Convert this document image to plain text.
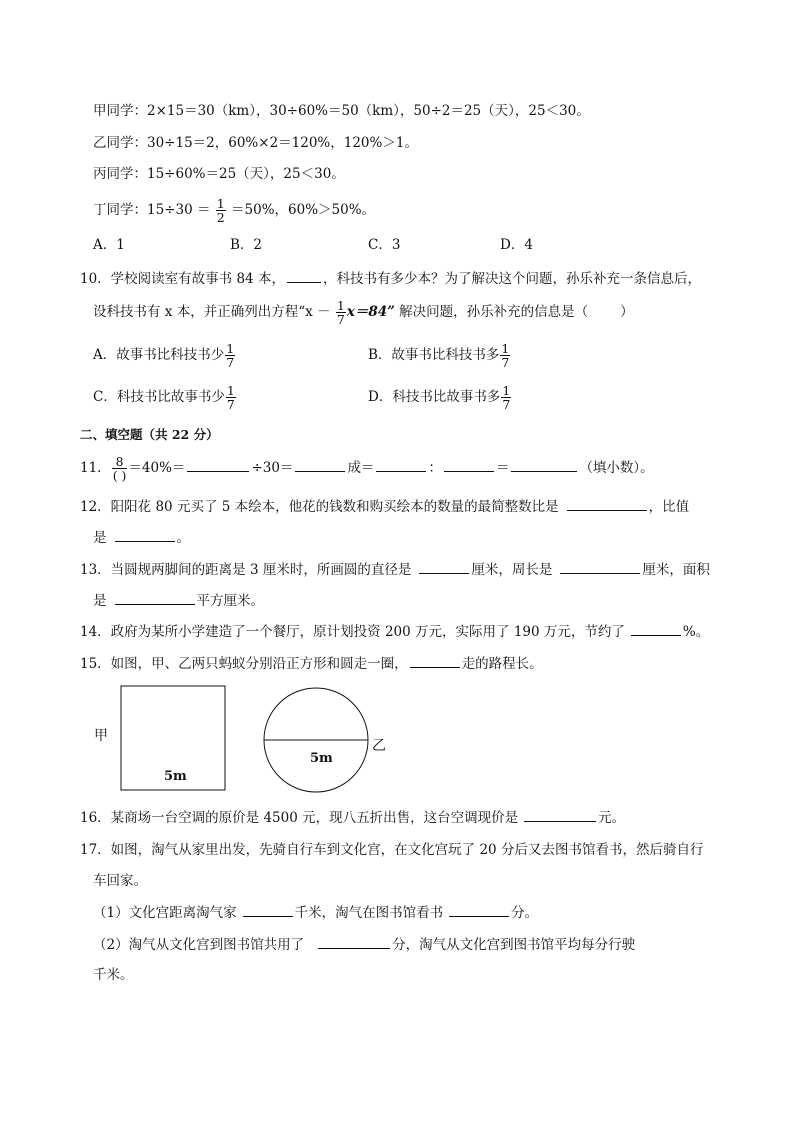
甲同学：2×15＝30（km），30÷60%＝50（km），50÷2＝25（天），25＜30。
乙同学：30÷15＝2，60%×2＝120%，120%＞1。
丙同学：15÷60%＝25（天），25＜30。
丁同学：$15\div 30 = \frac{1}{2} =50\%$，60%＞50%。
A．1	B．2	C．3	D．4
10．学校阅读室有故事书 84 本，	，科技书有多少本？为了解决这个问题，孙乐补充一条信息后，
设科技书有 x 本，并正确列出方程“$x - \frac{1}{7} x=84$” 解决问题，孙乐补充的信息是（ ）
A．故事书比科技书少 $\frac{1}{7}$	B．故事书比科技书多 $\frac{1}{7}$
C．科技书比故事书少 $\frac{1}{7}$	D．科技书比故事书多 $\frac{1}{7}$
二、填空题（共 22 分）
11． $\frac{8}{( )} =40\%=$	÷30＝	成＝	：	＝	（填小数）。
12．阳阳花 80 元买了 5 本绘本，他花的钱数和购买绘本的数量的最简整数比是	，比值
是	。
13．当圆规两脚间的距离是 3 厘米时，所画圆的直径是	厘米，周长是	厘米，面积
是	平方厘米。
14．政府为某所小学建造了一个餐厅，原计划投资 200 万元，实际用了 190 万元，节约了	%。
15．如图，甲、乙两只蚂蚁分别沿正方形和圆走一圈，	走的路程长。
甲
5m
5m
乙
16．某商场一台空调的原价是 4500 元，现八五折出售，这台空调现价是	元。
17．如图，淘气从家里出发，先骑自行车到文化宫，在文化宫玩了 20 分后又去图书馆看书，然后骑自行
车回家。
（1）文化宫距离淘气家	千米，淘气在图书馆看书	分。
（2）淘气从文化宫到图书馆共用了	分，淘气从文化宫到图书馆平均每分行驶
千米。
